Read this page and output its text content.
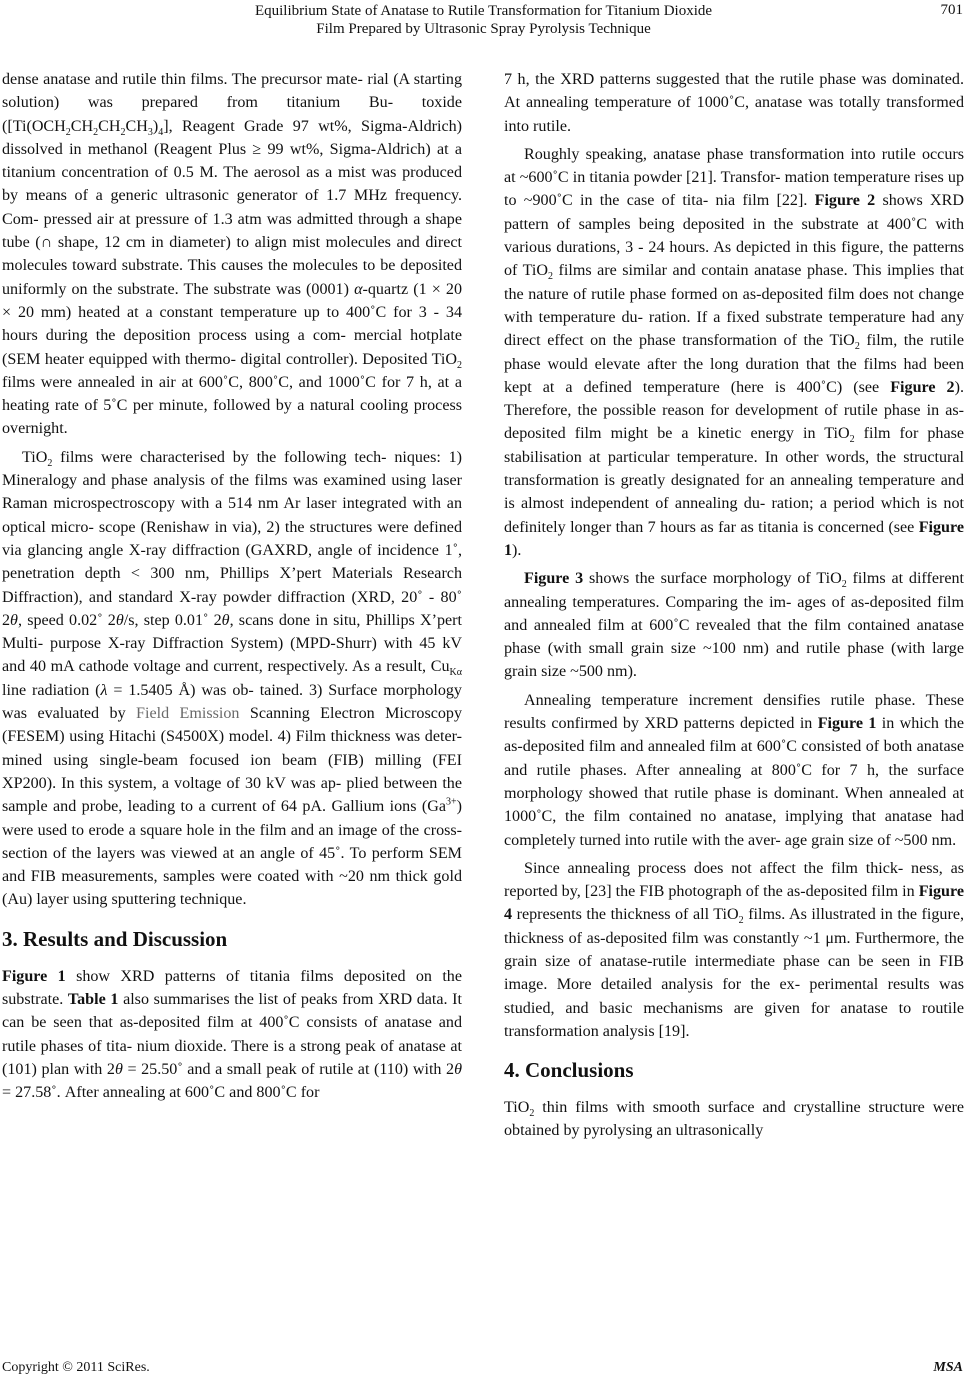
Equilibrium State of Anatase to Rutile Transformation for Titanium Dioxide
Film Prepared by Ultrasonic Spray Pyrolysis Technique
701

dense anatase and rutile thin films. The precursor mate- rial (A starting solution) was prepared from titanium Bu- toxide ($[Ti(OCH_2CH_2CH_2CH_3)_4]$, Reagent Grade 97 wt%, Sigma-Aldrich) dissolved in methanol (Reagent Plus ≥ 99 wt%, Sigma-Aldrich) at a titanium concentration of 0.5 M. The aerosol as a mist was produced by means of a generic ultrasonic generator of 1.7 MHz frequency. Com- pressed air at pressure of 1.3 atm was admitted through a shape tube (∩ shape, 12 cm in diameter) to align mist molecules and direct molecules toward substrate. This causes the molecules to be deposited uniformly on the substrate. The substrate was (0001) α-quartz (1 × 20 × 20 mm) heated at a constant temperature up to 400˚C for 3 - 34 hours during the deposition process using a com- mercial hotplate (SEM heater equipped with thermo- digital controller). Deposited TiO$_2$ films were annealed in air at 600˚C, 800˚C, and 1000˚C for 7 h, at a heating rate of 5˚C per minute, followed by a natural cooling process overnight.

TiO$_2$ films were characterised by the following tech- niques: 1) Mineralogy and phase analysis of the films was examined using laser Raman microspectroscopy with a 514 nm Ar laser integrated with an optical micro- scope (Renishaw in via), 2) the structures were defined via glancing angle X-ray diffraction (GAXRD, angle of incidence 1˚, penetration depth < 300 nm, Phillips X’pert Materials Research Diffraction), and standard X-ray powder diffraction (XRD, 20˚ - 80˚ 2θ, speed 0.02˚ 2θ/s, step 0.01˚ 2θ, scans done in situ, Phillips X’pert Multi- purpose X-ray Diffraction System) (MPD-Shurr) with 45 kV and 40 mA cathode voltage and current, respectively. As a result, $Cu_{K\alpha}$ line radiation (λ = 1.5405 Å) was ob- tained. 3) Surface morphology was evaluated by Field Emission Scanning Electron Microscopy (FESEM) using Hitachi (S4500X) model. 4) Film thickness was deter- mined using single-beam focused ion beam (FIB) milling (FEI XP200). In this system, a voltage of 30 kV was ap- plied between the sample and probe, leading to a current of 64 pA. Gallium ions $(Ga^{3+})$ were used to erode a square hole in the film and an image of the cross-section of the layers was viewed at an angle of 45˚. To perform SEM and FIB measurements, samples were coated with ~20 nm thick gold (Au) layer using sputtering technique.

3. Results and Discussion

Figure 1 show XRD patterns of titania films deposited on the substrate. Table 1 also summarises the list of peaks from XRD data. It can be seen that as-deposited film at 400˚C consists of anatase and rutile phases of tita- nium dioxide. There is a strong peak of anatase at (101) plan with 2θ = 25.50˚ and a small peak of rutile at (110) with 2θ = 27.58˚. After annealing at 600˚C and 800˚C for

7 h, the XRD patterns suggested that the rutile phase was dominated. At annealing temperature of 1000˚C, anatase was totally transformed into rutile.

Roughly speaking, anatase phase transformation into rutile occurs at ~600˚C in titania powder [21]. Transfor- mation temperature rises up to ~900˚C in the case of tita- nia film [22]. Figure 2 shows XRD pattern of samples being deposited in the substrate at 400˚C with various durations, 3 - 24 hours. As depicted in this figure, the patterns of TiO$_2$ films are similar and contain anatase phase. This implies that the nature of rutile phase formed on as-deposited film does not change with temperature du- ration. If a fixed substrate temperature had any direct effect on the phase transformation of the TiO$_2$ film, the rutile phase would elevate after the long duration that the films had been kept at a defined temperature (here is 400˚C) (see Figure 2). Therefore, the possible reason for development of rutile phase in as-deposited film might be a kinetic energy in TiO$_2$ film for phase stabilisation at particular temperature. In other words, the structural transformation is greatly designated for an annealing temperature and is almost independent of annealing du- ration; a period which is not definitely longer than 7 hours as far as titania is concerned (see Figure 1).

Figure 3 shows the surface morphology of TiO$_2$ films at different annealing temperatures. Comparing the im- ages of as-deposited film and annealed film at 600˚C revealed that the film contained anatase phase (with small grain size ~100 nm) and rutile phase (with large grain size ~500 nm).

Annealing temperature increment densifies rutile phase. These results confirmed by XRD patterns depicted in Figure 1 in which the as-deposited film and annealed film at 600˚C consisted of both anatase and rutile phases. After annealing at 800˚C for 7 h, the surface morphology showed that rutile phase is dominant. When annealed at 1000˚C, the film contained no anatase, implying that anatase had completely turned into rutile with the aver- age grain size of ~500 nm.

Since annealing process does not affect the film thick- ness, as reported by, [23] the FIB photograph of the as-deposited film in Figure 4 represents the thickness of all TiO$_2$ films. As illustrated in the figure, thickness of as-deposited film was constantly ~1 μm. Furthermore, the grain size of anatase-rutile intermediate phase can be seen in FIB image. More detailed analysis for the ex- perimental results was studied, and basic mechanisms are given for anatase to routile transformation analysis [19].

4. Conclusions

TiO$_2$ thin films with smooth surface and crystalline structure were obtained by pyrolysing an ultrasonically

Copyright © 2011 SciRes.	MSA
